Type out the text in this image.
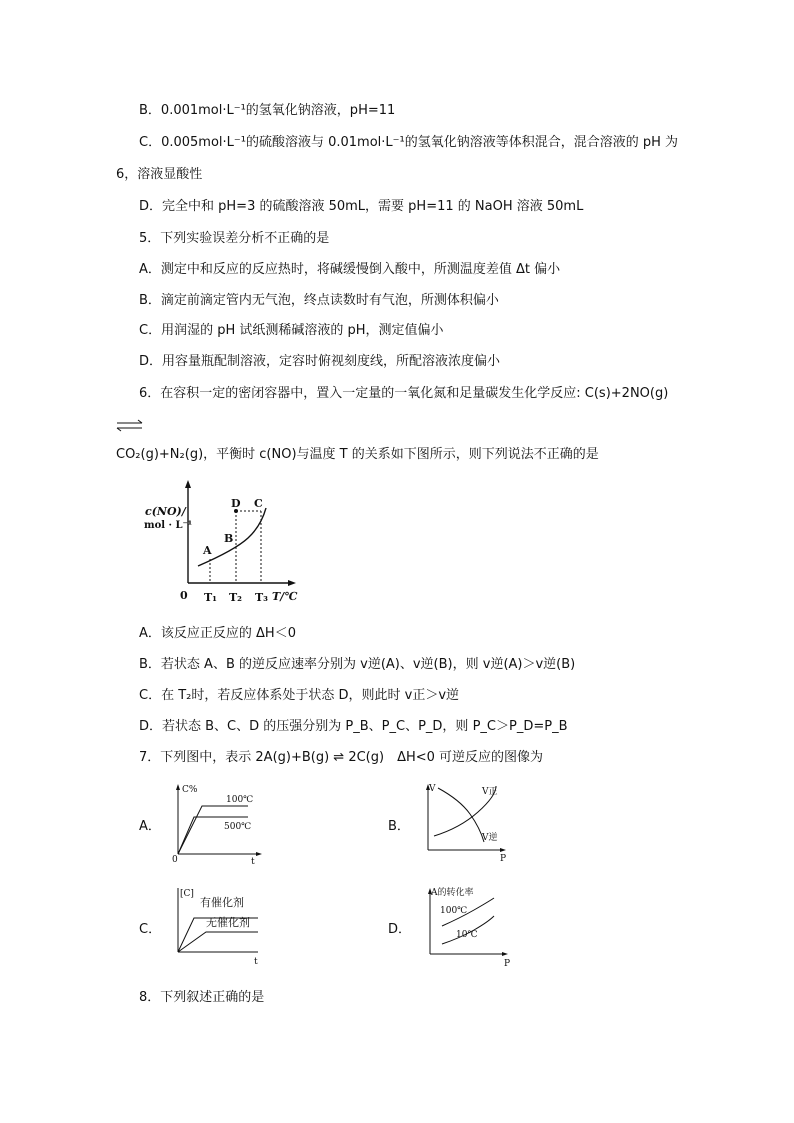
B．0.001mol·L⁻¹的氢氧化钠溶液，pH=11
C．0.005mol·L⁻¹的硫酸溶液与 0.01mol·L⁻¹的氢氧化钠溶液等体积混合，混合溶液的 pH 为
6，溶液显酸性
D．完全中和 pH=3 的硫酸溶液 50mL，需要 pH=11 的 NaOH 溶液 50mL
5．下列实验误差分析不正确的是
A．测定中和反应的反应热时，将碱缓慢倒入酸中，所测温度差值 Δt 偏小
B．滴定前滴定管内无气泡，终点读数时有气泡，所测体积偏小
C．用润湿的 pH 试纸测稀碱溶液的 pH，测定值偏小
D．用容量瓶配制溶液，定容时俯视刻度线，所配溶液浓度偏小
6．在容积一定的密闭容器中，置入一定量的一氧化氮和足量碳发生化学反应: C(s)+2NO(g)
CO₂(g)+N₂(g)，平衡时 c(NO)与温度 T 的关系如下图所示，则下列说法不正确的是
c(NO)/
mol · L⁻¹
0 T₁ T₂ T₃ T/℃
A
B
C
D
A．该反应正反应的 ΔH＜0
B．若状态 A、B 的逆反应速率分别为 v逆(A)、v逆(B)，则 v逆(A)＞v逆(B)
C．在 T₂时，若反应体系处于状态 D，则此时 v正＞v逆
D．若状态 B、C、D 的压强分别为 P_B、P_C、P_D，则 P_C＞P_D=P_B
7．下列图中，表示 2A(g)+B(g) ⇌ 2C(g)　ΔH<0 可逆反应的图像为
A．
C%
100℃
500℃
0	t
B．
V	V正
V逆
P
C．
[C]
有催化剂
无催化剂
t
D．
A的转化率
100℃
10℃
P
8．下列叙述正确的是
